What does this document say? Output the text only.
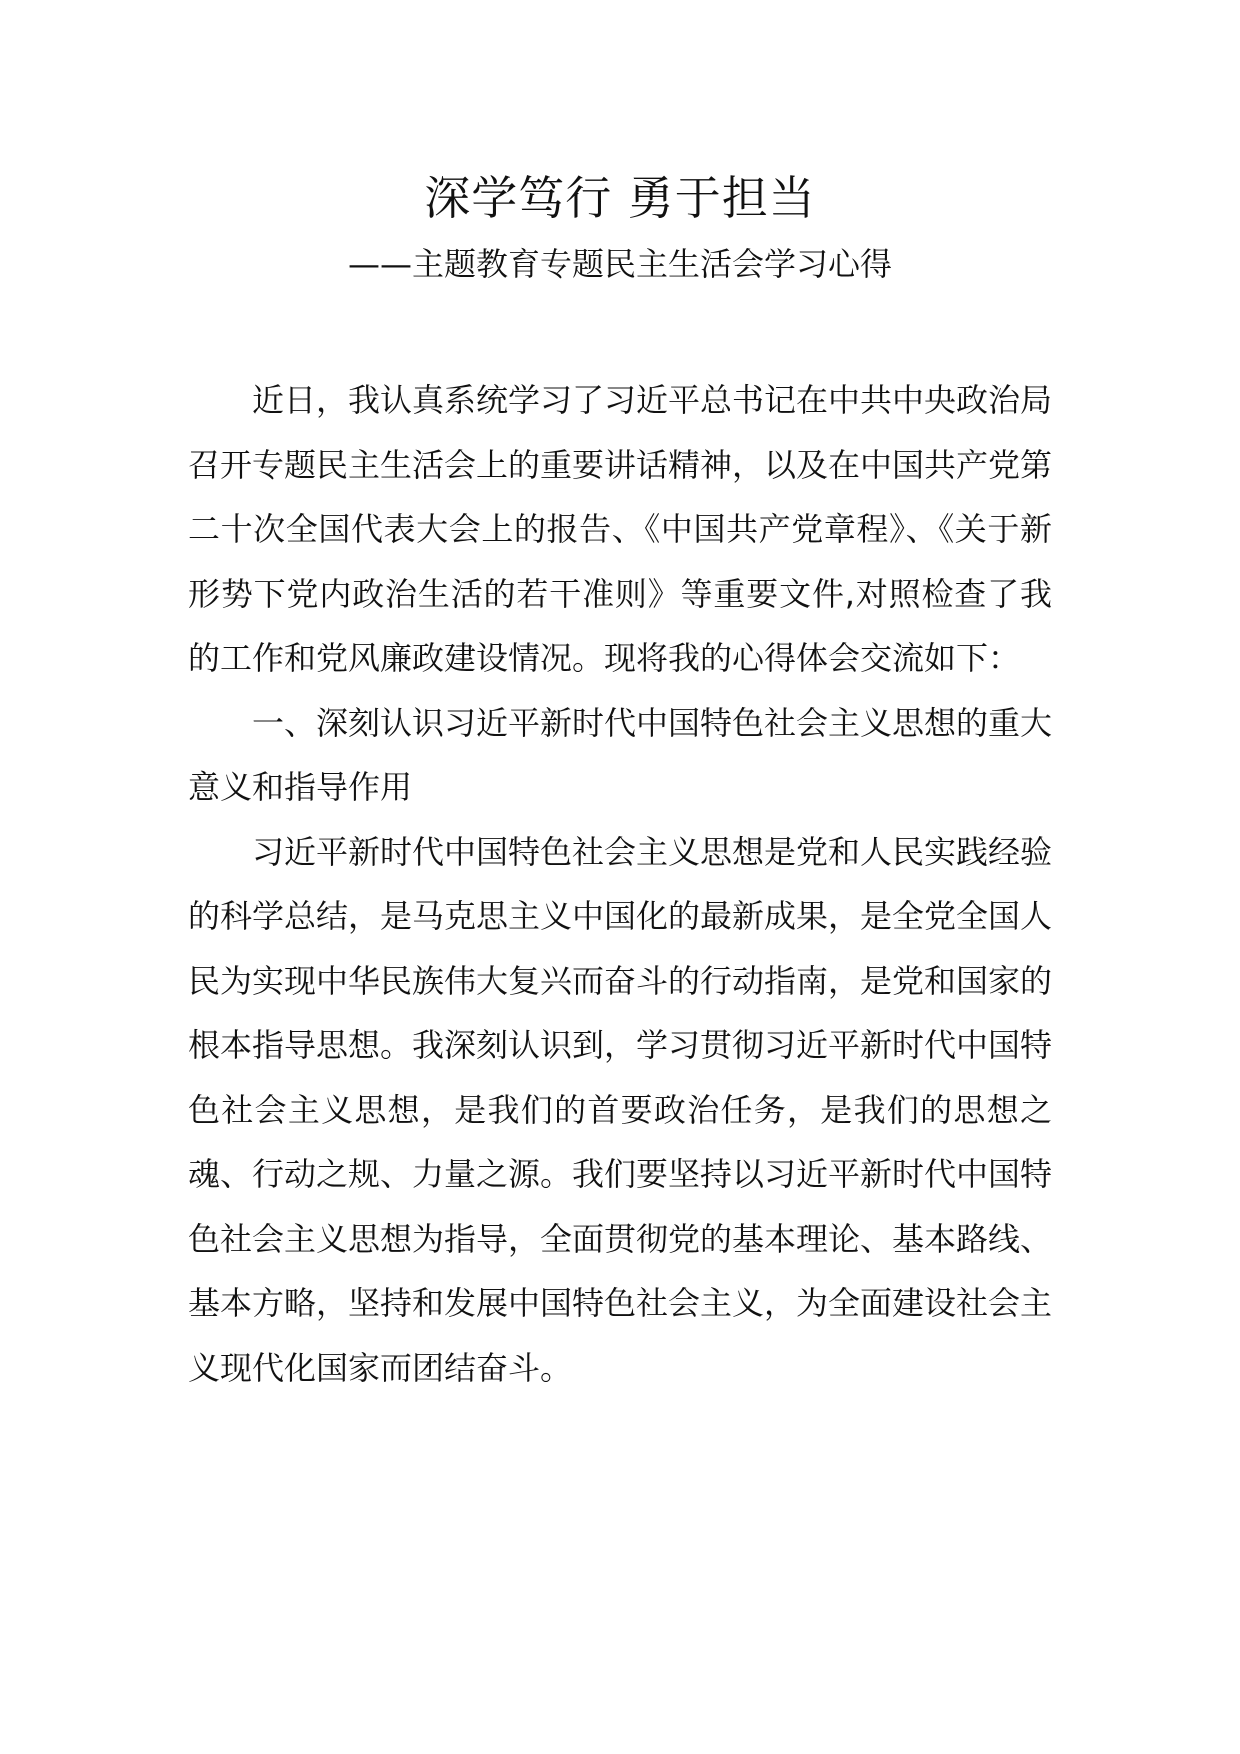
深学笃行 勇于担当
——主题教育专题民主生活会学习心得

近日，我认真系统学习了习近平总书记在中共中央政治局召开专题民主生活会上的重要讲话精神，以及在中国共产党第二十次全国代表大会上的报告、《中国共产党章程》、《关于新形势下党内政治生活的若干准则》等重要文件,对照检查了我的工作和党风廉政建设情况。现将我的心得体会交流如下：

一、深刻认识习近平新时代中国特色社会主义思想的重大意义和指导作用

习近平新时代中国特色社会主义思想是党和人民实践经验的科学总结，是马克思主义中国化的最新成果，是全党全国人民为实现中华民族伟大复兴而奋斗的行动指南，是党和国家的根本指导思想。我深刻认识到，学习贯彻习近平新时代中国特色社会主义思想，是我们的首要政治任务，是我们的思想之魂、行动之规、力量之源。我们要坚持以习近平新时代中国特色社会主义思想为指导，全面贯彻党的基本理论、基本路线、基本方略，坚持和发展中国特色社会主义，为全面建设社会主义现代化国家而团结奋斗。
